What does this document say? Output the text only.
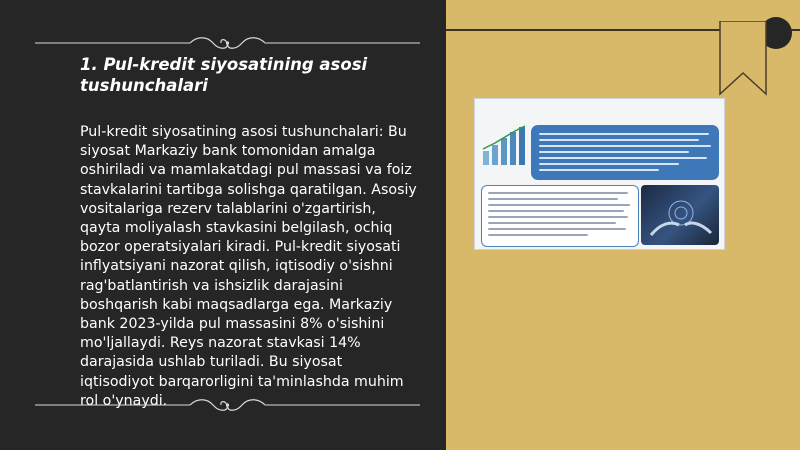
1. Pul-kredit siyosatining asosi tushunchalari
Pul-kredit siyosatining asosi tushunchalari: Bu siyosat Markaziy bank tomonidan amalga oshiriladi va mamlakatdagi pul massasi va foiz stavkalarini tartibga solishga qaratilgan. Asosiy vositalariga rezerv talablarini o'zgartirish, qayta moliyalash stavkasini belgilash, ochiq bozor operatsiyalari kiradi. Pul-kredit siyosati inflyatsiyani nazorat qilish, iqtisodiy o'sishni rag'batlantirish va ishsizlik darajasini boshqarish kabi maqsadlarga ega. Markaziy bank 2023-yilda pul massasini 8% o'sishini mo'ljallaydi. Reys nazorat stavkasi 14% darajasida ushlab turiladi. Bu siyosat iqtisodiyot barqarorligini ta'minlashda muhim rol o'ynaydi.
